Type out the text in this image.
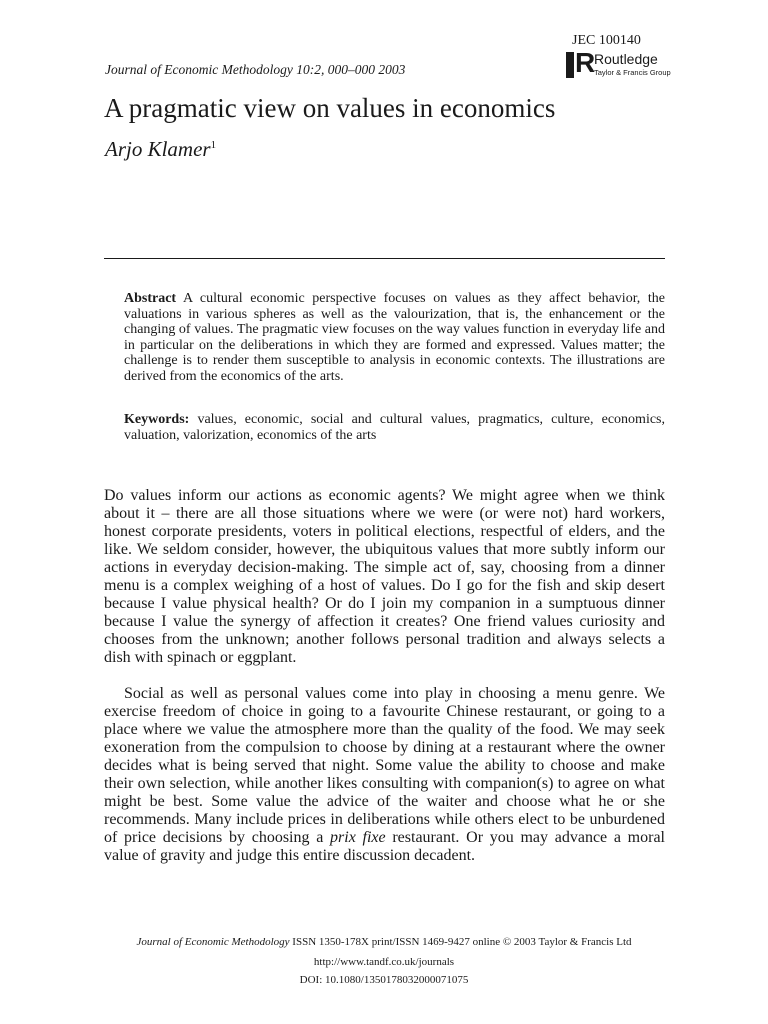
JEC 100140
Journal of Economic Methodology 10:2, 000–000 2003	R
Routledge
Taylor & Francis Group
A pragmatic view on values in economics
Arjo Klamer$^1$

Abstract A cultural economic perspective focuses on values as they affect behavior, the valuations in various spheres as well as the valourization, that is, the enhancement or the changing of values. The pragmatic view focuses on the way values function in everyday life and in particular on the deliberations in which they are formed and expressed. Values matter; the challenge is to render them susceptible to analysis in economic contexts. The illustrations are derived from the economics of the arts.

Keywords: values, economic, social and cultural values, pragmatics, culture, economics, valuation, valorization, economics of the arts

Do values inform our actions as economic agents? We might agree when we think about it – there are all those situations where we were (or were not) hard workers, honest corporate presidents, voters in political elections, respectful of elders, and the like. We seldom consider, however, the ubiquitous values that more subtly inform our actions in everyday decision-making. The simple act of, say, choosing from a dinner menu is a complex weighing of a host of values. Do I go for the fish and skip desert because I value physical health? Or do I join my companion in a sumptuous dinner because I value the synergy of affection it creates? One friend values curiosity and chooses from the unknown; another follows personal tradition and always selects a dish with spinach or eggplant.

Social as well as personal values come into play in choosing a menu genre. We exercise freedom of choice in going to a favourite Chinese restaurant, or going to a place where we value the atmosphere more than the quality of the food. We may seek exoneration from the compulsion to choose by dining at a restaurant where the owner decides what is being served that night. Some value the ability to choose and make their own selection, while another likes consulting with companion(s) to agree on what might be best. Some value the advice of the waiter and choose what he or she recommends. Many include prices in deliberations while others elect to be unburdened of price decisions by choosing a prix fixe restaurant. Or you may advance a moral value of gravity and judge this entire discussion decadent.

Journal of Economic Methodology ISSN 1350-178X print/ISSN 1469-9427 online © 2003 Taylor & Francis Ltd
http://www.tandf.co.uk/journals
DOI: 10.1080/1350178032000071075
